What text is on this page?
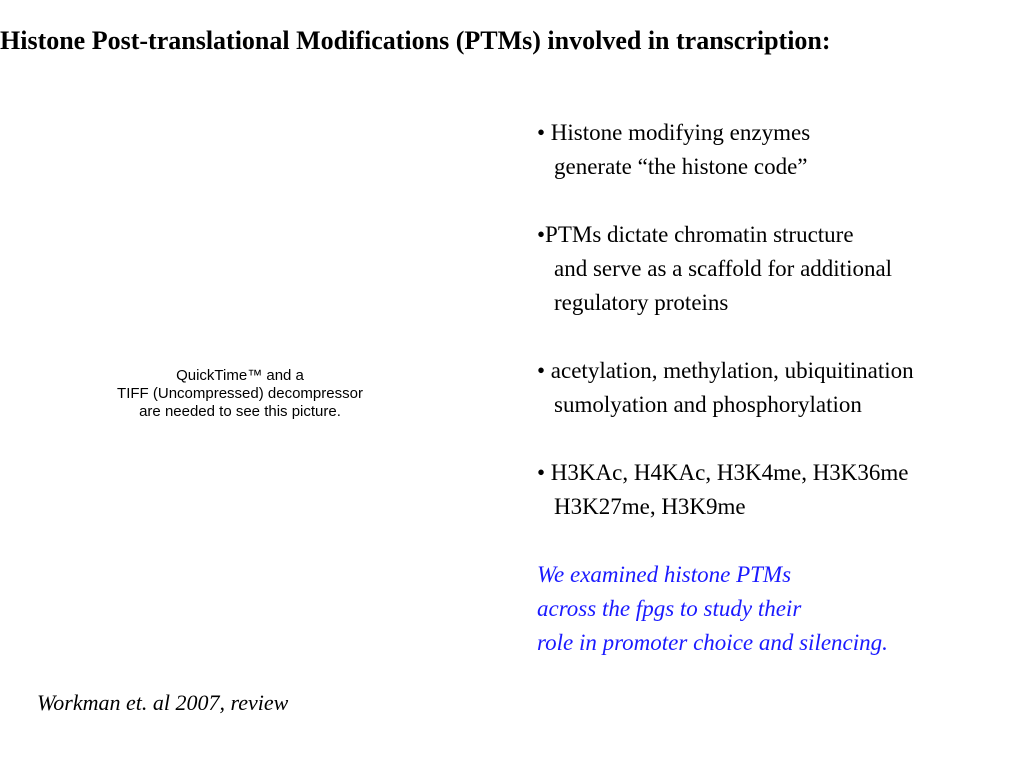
Histone Post-translational Modifications (PTMs) involved in transcription:
QuickTime™ and a
TIFF (Uncompressed) decompressor
are needed to see this picture.
• Histone modifying enzymes
generate “the histone code”
•PTMs dictate chromatin structure
and serve as a scaffold for additional
regulatory proteins
• acetylation, methylation, ubiquitination
sumolyation and phosphorylation
• H3KAc, H4KAc, H3K4me, H3K36me
H3K27me, H3K9me
We examined histone PTMs
across the fpgs to study their
role in promoter choice and silencing.
Workman et. al 2007, review
